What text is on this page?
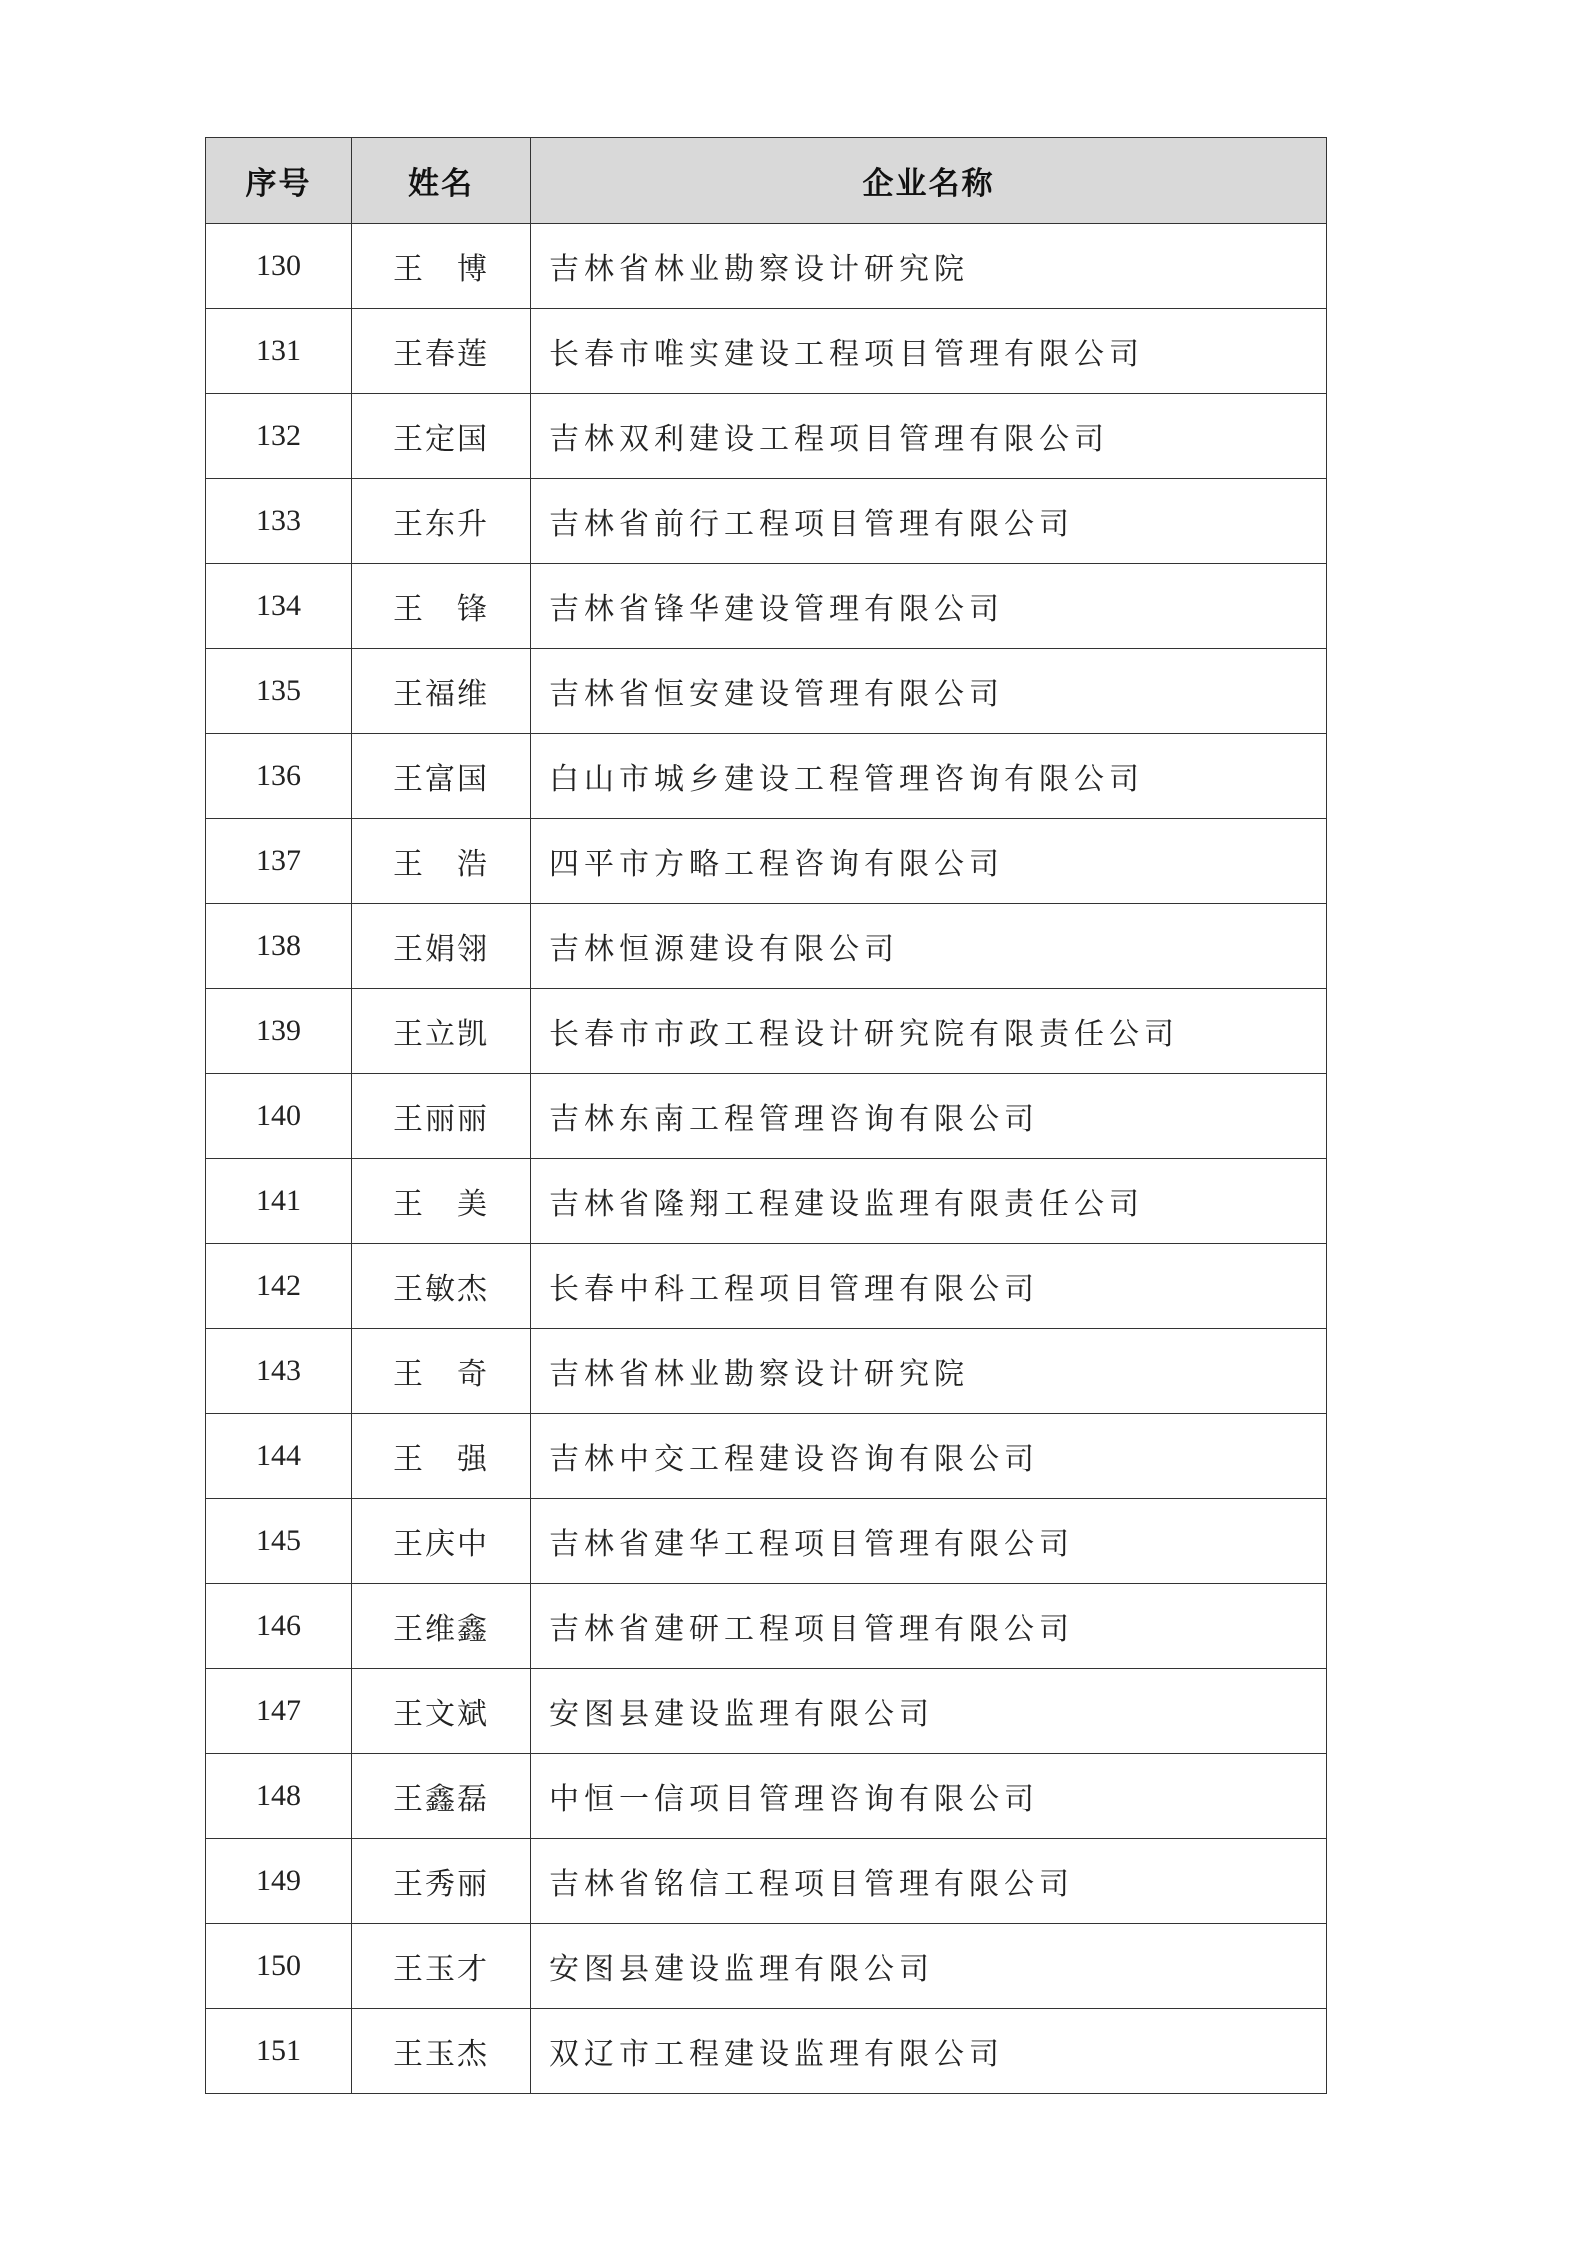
序号	姓名	企业名称
130	王　博	吉林省林业勘察设计研究院
131	王春莲	长春市唯实建设工程项目管理有限公司
132	王定国	吉林双利建设工程项目管理有限公司
133	王东升	吉林省前行工程项目管理有限公司
134	王　锋	吉林省锋华建设管理有限公司
135	王福维	吉林省恒安建设管理有限公司
136	王富国	白山市城乡建设工程管理咨询有限公司
137	王　浩	四平市方略工程咨询有限公司
138	王娟翎	吉林恒源建设有限公司
139	王立凯	长春市市政工程设计研究院有限责任公司
140	王丽丽	吉林东南工程管理咨询有限公司
141	王　美	吉林省隆翔工程建设监理有限责任公司
142	王敏杰	长春中科工程项目管理有限公司
143	王　奇	吉林省林业勘察设计研究院
144	王　强	吉林中交工程建设咨询有限公司
145	王庆中	吉林省建华工程项目管理有限公司
146	王维鑫	吉林省建研工程项目管理有限公司
147	王文斌	安图县建设监理有限公司
148	王鑫磊	中恒一信项目管理咨询有限公司
149	王秀丽	吉林省铭信工程项目管理有限公司
150	王玉才	安图县建设监理有限公司
151	王玉杰	双辽市工程建设监理有限公司
